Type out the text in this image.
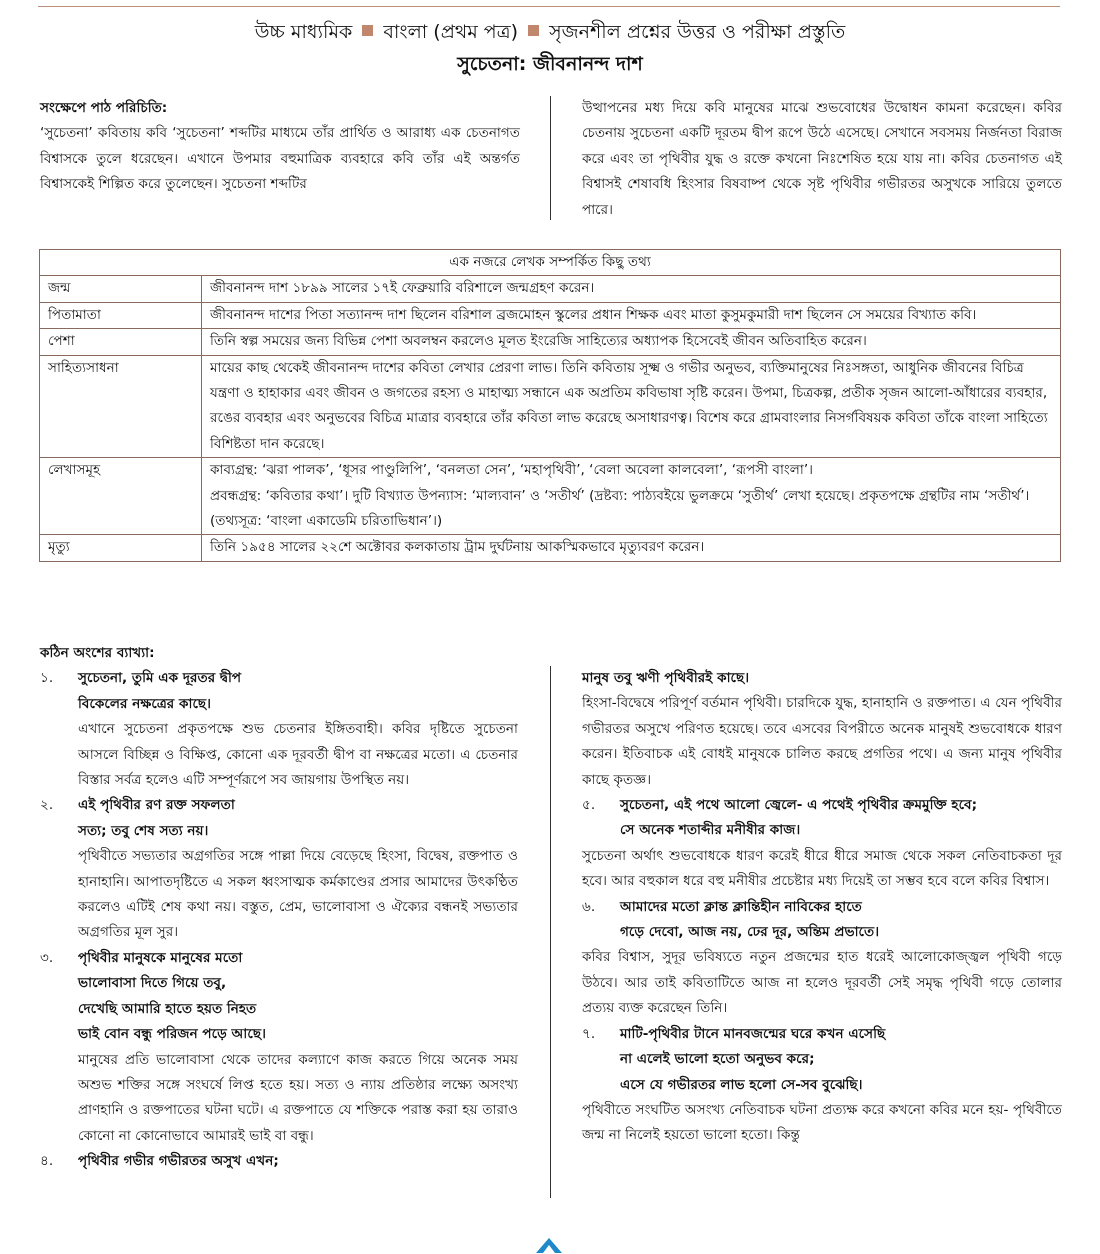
উচ্চ মাধ্যমিক বাংলা (প্রথম পত্র) সৃজনশীল প্রশ্নের উত্তর ও পরীক্ষা প্রস্তুতি
সুচেতনা: জীবনানন্দ দাশ
সংক্ষেপে পাঠ পরিচিতি:
‘সুচেতনা’ কবিতায় কবি ‘সুচেতনা’ শব্দটির মাধ্যমে তাঁর প্রার্থিত ও আরাধ্য এক চেতনাগত বিশ্বাসকে তুলে ধরেছেন। এখানে উপমার বহুমাত্রিক ব্যবহারে কবি তাঁর এই অন্তর্গত বিশ্বাসকেই শিল্পিত করে তুলেছেন। সুচেতনা শব্দটির
উত্থাপনের মধ্য দিয়ে কবি মানুষের মাঝে শুভবোধের উদ্বোধন কামনা করেছেন। কবির চেতনায় সুচেতনা একটি দূরতম দ্বীপ রূপে উঠে এসেছে। সেখানে সবসময় নির্জনতা বিরাজ করে এবং তা পৃথিবীর যুদ্ধ ও রক্তে কখনো নিঃশেষিত হয়ে যায় না। কবির চেতনাগত এই বিশ্বাসই শেষাবধি হিংসার বিষবাষ্প থেকে সৃষ্ট পৃথিবীর গভীরতর অসুখকে সারিয়ে তুলতে পারে।
এক নজরে লেখক সম্পর্কিত কিছু তথ্য	
জন্ম	জীবনানন্দ দাশ ১৮৯৯ সালের ১৭ই ফেব্রুয়ারি বরিশালে জন্মগ্রহণ করেন।
পিতামাতা	জীবনানন্দ দাশের পিতা সত্যানন্দ দাশ ছিলেন বরিশাল ব্রজমোহন স্কুলের প্রধান শিক্ষক এবং মাতা কুসুমকুমারী দাশ ছিলেন সে সময়ের বিখ্যাত কবি।
পেশা	তিনি স্বল্প সময়ের জন্য বিভিন্ন পেশা অবলম্বন করলেও মূলত ইংরেজি সাহিত্যের অধ্যাপক হিসেবেই জীবন অতিবাহিত করেন।
সাহিত্যসাধনা	মায়ের কাছ থেকেই জীবনানন্দ দাশের কবিতা লেখার প্রেরণা লাভ। তিনি কবিতায় সূক্ষ্ম ও গভীর অনুভব, ব্যক্তিমানুষের নিঃসঙ্গতা, আধুনিক জীবনের বিচিত্র যন্ত্রণা ও হাহাকার এবং জীবন ও জগতের রহস্য ও মাহাত্ম্য সন্ধানে এক অপ্রতিম কবিভাষা সৃষ্টি করেন। উপমা, চিত্রকল্প, প্রতীক সৃজন আলো-আঁধারের ব্যবহার, রঙের ব্যবহার এবং অনুভবের বিচিত্র মাত্রার ব্যবহারে তাঁর কবিতা লাভ করেছে অসাধারণত্ব। বিশেষ করে গ্রামবাংলার নিসর্গবিষয়ক কবিতা তাঁকে বাংলা সাহিত্যে বিশিষ্টতা দান করেছে।
লেখাসমূহ	কাব্যগ্রন্থ: ‘ঝরা পালক’, ‘ধূসর পাণ্ডুলিপি’, ‘বনলতা সেন’, ‘মহাপৃথিবী’, ‘বেলা অবেলা কালবেলা’, ‘রূপসী বাংলা’।
প্রবন্ধগ্রন্থ: ‘কবিতার কথা’। দুটি বিখ্যাত উপন্যাস: ‘মাল্যবান’ ও ‘সতীর্থ’ (দ্রষ্টব্য: পাঠ্যবইয়ে ভুলক্রমে ‘সুতীর্থ’ লেখা হয়েছে। প্রকৃতপক্ষে গ্রন্থটির নাম ‘সতীর্থ’। (তথ্যসূত্র: ‘বাংলা একাডেমি চরিতাভিধান’।)

মৃত্যু	তিনি ১৯৫৪ সালের ২২শে অক্টোবর কলকাতায় ট্রাম দুর্ঘটনায় আকস্মিকভাবে মৃত্যুবরণ করেন।
কঠিন অংশের ব্যাখ্যা:
১.	সুচেতনা, তুমি এক দূরতর দ্বীপ
বিকেলের নক্ষত্রের কাছে।
এখানে সুচেতনা প্রকৃতপক্ষে শুভ চেতনার ইঙ্গিতবাহী। কবির দৃষ্টিতে সুচেতনা আসলে বিচ্ছিন্ন ও বিক্ষিপ্ত, কোনো এক দূরবর্তী দ্বীপ বা নক্ষত্রের মতো। এ চেতনার বিস্তার সর্বত্র হলেও এটি সম্পূর্ণরূপে সব জায়গায় উপস্থিত নয়।
২.	এই পৃথিবীর রণ রক্ত সফলতা
সত্য; তবু শেষ সত্য নয়।
পৃথিবীতে সভ্যতার অগ্রগতির সঙ্গে পাল্লা দিয়ে বেড়েছে হিংসা, বিদ্বেষ, রক্তপাত ও হানাহানি। আপাতদৃষ্টিতে এ সকল ধ্বংসাত্মক কর্মকাণ্ডের প্রসার আমাদের উৎকণ্ঠিত করলেও এটিই শেষ কথা নয়। বস্তুত, প্রেম, ভালোবাসা ও ঐক্যের বন্ধনই সভ্যতার অগ্রগতির মূল সুর।
৩.	পৃথিবীর মানুষকে মানুষের মতো
ভালোবাসা দিতে গিয়ে তবু,
দেখেছি আমারি হাতে হয়ত নিহত
ভাই বোন বন্ধু পরিজন পড়ে আছে।
মানুষের প্রতি ভালোবাসা থেকে তাদের কল্যাণে কাজ করতে গিয়ে অনেক সময় অশুভ শক্তির সঙ্গে সংঘর্ষে লিপ্ত হতে হয়। সত্য ও ন্যায় প্রতিষ্ঠার লক্ষ্যে অসংখ্য প্রাণহানি ও রক্তপাতের ঘটনা ঘটে। এ রক্তপাতে যে শক্তিকে পরাস্ত করা হয় তারাও কোনো না কোনোভাবে আমারই ভাই বা বন্ধু।
৪.	পৃথিবীর গভীর গভীরতর অসুখ এখন;
মানুষ তবু ঋণী পৃথিবীরই কাছে।
হিংসা-বিদ্বেষে পরিপূর্ণ বর্তমান পৃথিবী। চারদিকে যুদ্ধ, হানাহানি ও রক্তপাত। এ যেন পৃথিবীর গভীরতর অসুখে পরিণত হয়েছে। তবে এসবের বিপরীতে অনেক মানুষই শুভবোধকে ধারণ করেন। ইতিবাচক এই বোধই মানুষকে চালিত করছে প্রগতির পথে। এ জন্য মানুষ পৃথিবীর কাছে কৃতজ্ঞ।
৫.	সুচেতনা, এই পথে আলো জ্বেলে- এ পথেই পৃথিবীর ক্রমমুক্তি হবে;
সে অনেক শতাব্দীর মনীষীর কাজ।
সুচেতনা অর্থাৎ শুভবোধকে ধারণ করেই ধীরে ধীরে সমাজ থেকে সকল নেতিবাচকতা দূর হবে। আর বহুকাল ধরে বহু মনীষীর প্রচেষ্টার মধ্য দিয়েই তা সম্ভব হবে বলে কবির বিশ্বাস।
৬.	আমাদের মতো ক্লান্ত ক্লান্তিহীন নাবিকের হাতে
গড়ে দেবো, আজ নয়, ঢের দূর, অন্তিম প্রভাতে।
কবির বিশ্বাস, সুদূর ভবিষ্যতে নতুন প্রজন্মের হাত ধরেই আলোকোজ্জ্বল পৃথিবী গড়ে উঠবে। আর তাই কবিতাটিতে আজ না হলেও দূরবর্তী সেই সমৃদ্ধ পৃথিবী গড়ে তোলার প্রত্যয় ব্যক্ত করেছেন তিনি।
৭.	মাটি-পৃথিবীর টানে মানবজন্মের ঘরে কখন এসেছি
না এলেই ভালো হতো অনুভব করে;
এসে যে গভীরতর লাভ হলো সে-সব বুঝেছি।
পৃথিবীতে সংঘটিত অসংখ্য নেতিবাচক ঘটনা প্রত্যক্ষ করে কখনো কবির মনে হয়- পৃথিবীতে জন্ম না নিলেই হয়তো ভালো হতো। কিন্তু
